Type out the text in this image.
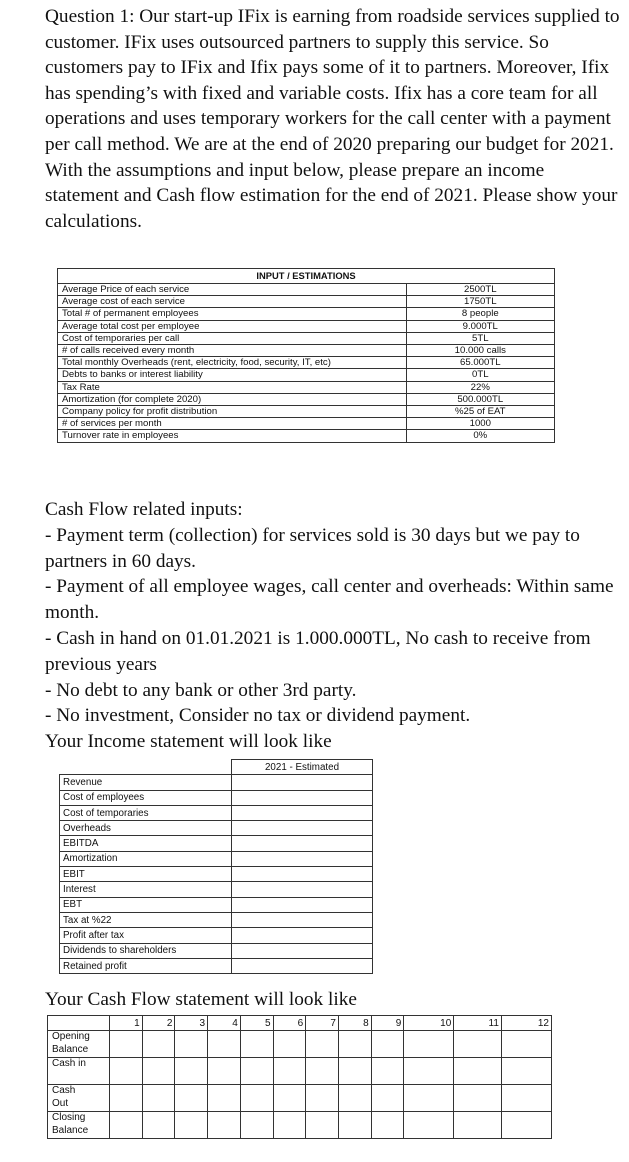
Question 1: Our start-up IFix is earning from roadside services supplied to customer. IFix uses outsourced partners to supply this service. So customers pay to IFix and Ifix pays some of it to partners. Moreover, Ifix has spending’s with fixed and variable costs. Ifix has a core team for all operations and uses temporary workers for the call center with a payment per call method. We are at the end of 2020 preparing our budget for 2021. With the assumptions and input below, please prepare an income statement and Cash flow estimation for the end of 2021. Please show your calculations.

INPUT / ESTIMATIONS	
Average Price of each service	2500TL
Average cost of each service	1750TL
Total # of permanent employees	8 people
Average total cost per employee	9.000TL
Cost of temporaries per call	5TL
# of calls received every month	10.000 calls
Total monthly Overheads (rent, electricity, food, security, IT, etc)	65.000TL
Debts to banks or interest liability	0TL
Tax Rate	22%
Amortization (for complete 2020)	500.000TL
Company policy for profit distribution	%25 of EAT
# of services per month	1000
Turnover rate in employees	0%

Cash Flow related inputs:

- Payment term (collection) for services sold is 30 days but we pay to partners in 60 days.

- Payment of all employee wages, call center and overheads: Within same month.

- Cash in hand on 01.01.2021 is 1.000.000TL, No cash to receive from previous years

- No debt to any bank or other 3rd party.

- No investment, Consider no tax or dividend payment.

Your Income statement will look like

	2021 - Estimated
Revenue	
Cost of employees	
Cost of temporaries	
Overheads	
EBITDA	
Amortization	
EBIT	
Interest	
EBT	
Tax at %22	
Profit after tax	
Dividends to shareholders	
Retained profit	

Your Cash Flow statement will look like

	1	2	3	4	5	6	7	8	9	10	11	12

Opening
Balance												

Cash in												

Cash
Out												

Closing
Balance												
